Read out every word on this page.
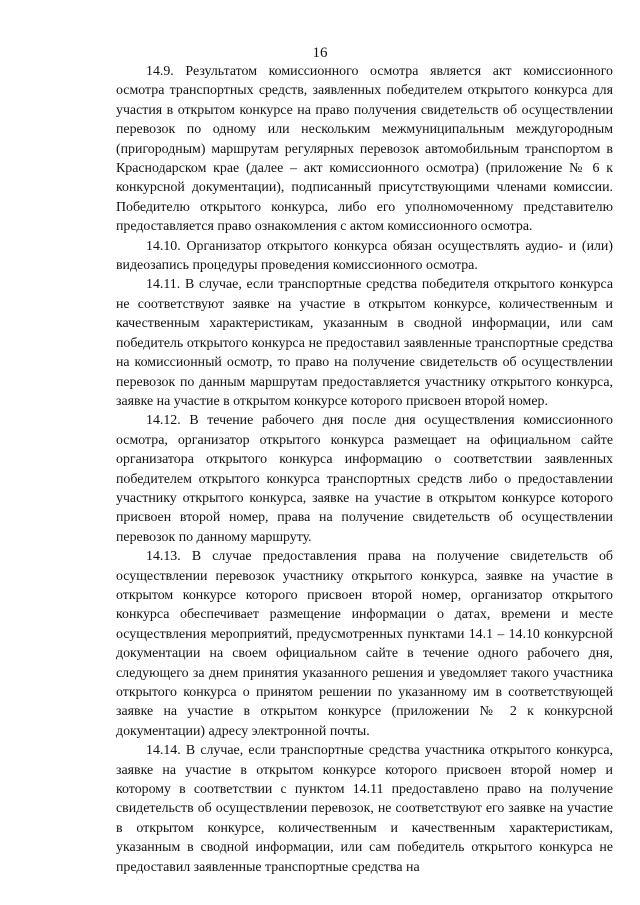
16

14.9. Результатом комиссионного осмотра является акт комиссионного осмотра транспортных средств, заявленных победителем открытого конкурса для участия в открытом конкурсе на право получения свидетельств об осуществлении перевозок по одному или нескольким межмуниципальным междугородным (пригородным) маршрутам регулярных перевозок автомобильным транспортом в Краснодарском крае (далее – акт комиссионного осмотра) (приложение № 6 к конкурсной документации), подписанный присутствующими членами комиссии. Победителю открытого конкурса, либо его уполномоченному представителю предоставляется право ознакомления с актом комиссионного осмотра.

14.10. Организатор открытого конкурса обязан осуществлять аудио- и (или) видеозапись процедуры проведения комиссионного осмотра.

14.11. В случае, если транспортные средства победителя открытого конкурса не соответствуют заявке на участие в открытом конкурсе, количественным и качественным характеристикам, указанным в сводной информации, или сам победитель открытого конкурса не предоставил заявленные транспортные средства на комиссионный осмотр, то право на получение свидетельств об осуществлении перевозок по данным маршрутам предоставляется участнику открытого конкурса, заявке на участие в открытом конкурсе которого присвоен второй номер.

14.12. В течение рабочего дня после дня осуществления комиссионного осмотра, организатор открытого конкурса размещает на официальном сайте организатора открытого конкурса информацию о соответствии заявленных победителем открытого конкурса транспортных средств либо о предоставлении участнику открытого конкурса, заявке на участие в открытом конкурсе которого присвоен второй номер, права на получение свидетельств об осуществлении перевозок по данному маршруту.

14.13. В случае предоставления права на получение свидетельств об осуществлении перевозок участнику открытого конкурса, заявке на участие в открытом конкурсе которого присвоен второй номер, организатор открытого конкурса обеспечивает размещение информации о датах, времени и месте осуществления мероприятий, предусмотренных пунктами 14.1 – 14.10 конкурсной документации на своем официальном сайте в течение одного рабочего дня, следующего за днем принятия указанного решения и уведомляет такого участника открытого конкурса о принятом решении по указанному им в соответствующей заявке на участие в открытом конкурсе (приложении № 2 к конкурсной документации) адресу электронной почты.

14.14. В случае, если транспортные средства участника открытого конкурса, заявке на участие в открытом конкурсе которого присвоен второй номер и которому в соответствии с пунктом 14.11 предоставлено право на получение свидетельств об осуществлении перевозок, не соответствуют его заявке на участие в открытом конкурсе, количественным и качественным характеристикам, указанным в сводной информации, или сам победитель открытого конкурса не предоставил заявленные транспортные средства на
